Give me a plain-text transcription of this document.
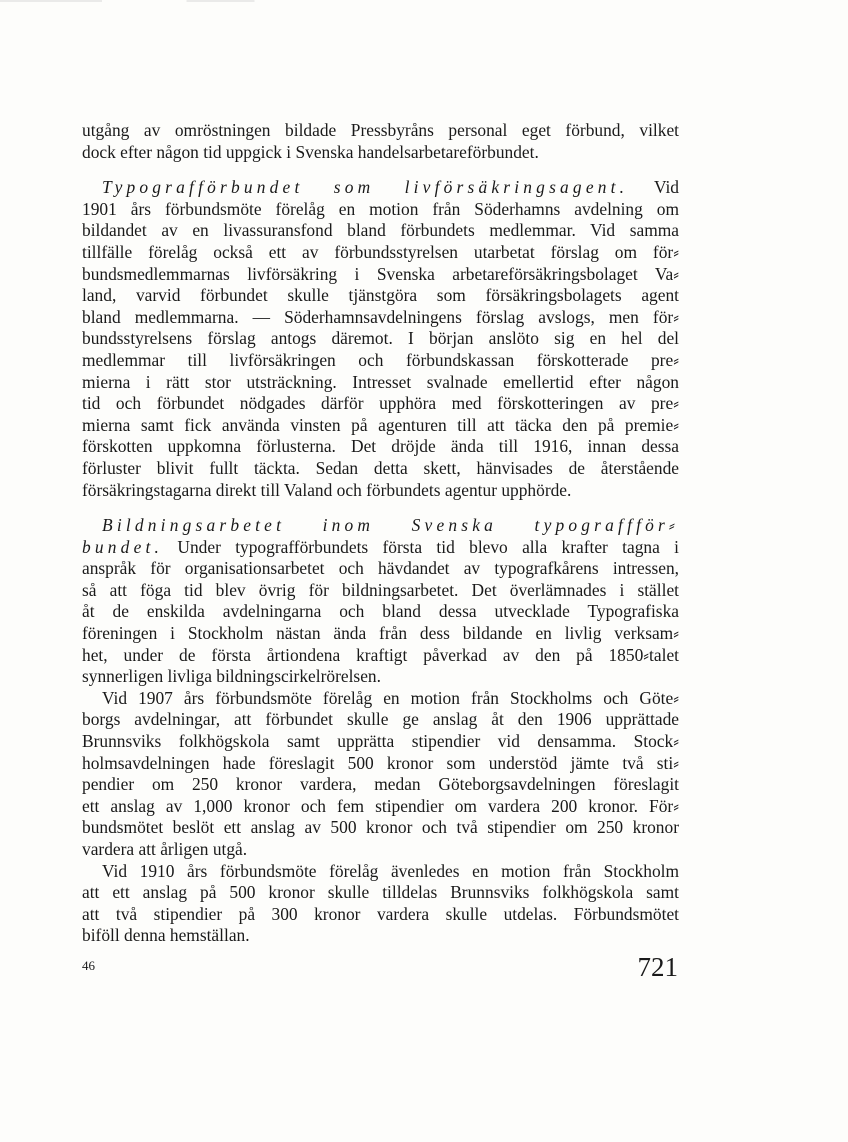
utgång av omröstningen bildade Pressbyråns personal eget förbund, vilket
dock efter någon tid uppgick i Svenska handelsarbetareförbundet.
Typografförbundet som livförsäkringsagent. Vid
1901 års förbundsmöte förelåg en motion från Söderhamns avdelning om
bildandet av en livassuransfond bland förbundets medlemmar. Vid samma
tillfälle förelåg också ett av förbundsstyrelsen utarbetat förslag om för⸗
bundsmedlemmarnas livförsäkring i Svenska arbetareförsäkringsbolaget Va⸗
land, varvid förbundet skulle tjänstgöra som försäkringsbolagets agent
bland medlemmarna. — Söderhamnsavdelningens förslag avslogs, men för⸗
bundsstyrelsens förslag antogs däremot. I början anslöto sig en hel del
medlemmar till livförsäkringen och förbundskassan förskotterade pre⸗
mierna i rätt stor utsträckning. Intresset svalnade emellertid efter någon
tid och förbundet nödgades därför upphöra med förskotteringen av pre⸗
mierna samt fick använda vinsten på agenturen till att täcka den på premie⸗
förskotten uppkomna förlusterna. Det dröjde ända till 1916, innan dessa
förluster blivit fullt täckta. Sedan detta skett, hänvisades de återstående
försäkringstagarna direkt till Valand och förbundets agentur upphörde.
Bildningsarbetet inom Svenska typograffför⸗
bundet. Under typografförbundets första tid blevo alla krafter tagna i
anspråk för organisationsarbetet och hävdandet av typografkårens intressen,
så att föga tid blev övrig för bildningsarbetet. Det överlämnades i stället
åt de enskilda avdelningarna och bland dessa utvecklade Typografiska
föreningen i Stockholm nästan ända från dess bildande en livlig verksam⸗
het, under de första årtiondena kraftigt påverkad av den på 1850⸗talet
synnerligen livliga bildningscirkelrörelsen.
Vid 1907 års förbundsmöte förelåg en motion från Stockholms och Göte⸗
borgs avdelningar, att förbundet skulle ge anslag åt den 1906 upprättade
Brunnsviks folkhögskola samt upprätta stipendier vid densamma. Stock⸗
holmsavdelningen hade föreslagit 500 kronor som understöd jämte två sti⸗
pendier om 250 kronor vardera, medan Göteborgsavdelningen föreslagit
ett anslag av 1,000 kronor och fem stipendier om vardera 200 kronor. För⸗
bundsmötet beslöt ett anslag av 500 kronor och två stipendier om 250 kronor
vardera att årligen utgå.
Vid 1910 års förbundsmöte förelåg ävenledes en motion från Stockholm
att ett anslag på 500 kronor skulle tilldelas Brunnsviks folkhögskola samt
att två stipendier på 300 kronor vardera skulle utdelas. Förbundsmötet
biföll denna hemställan.
46	721
